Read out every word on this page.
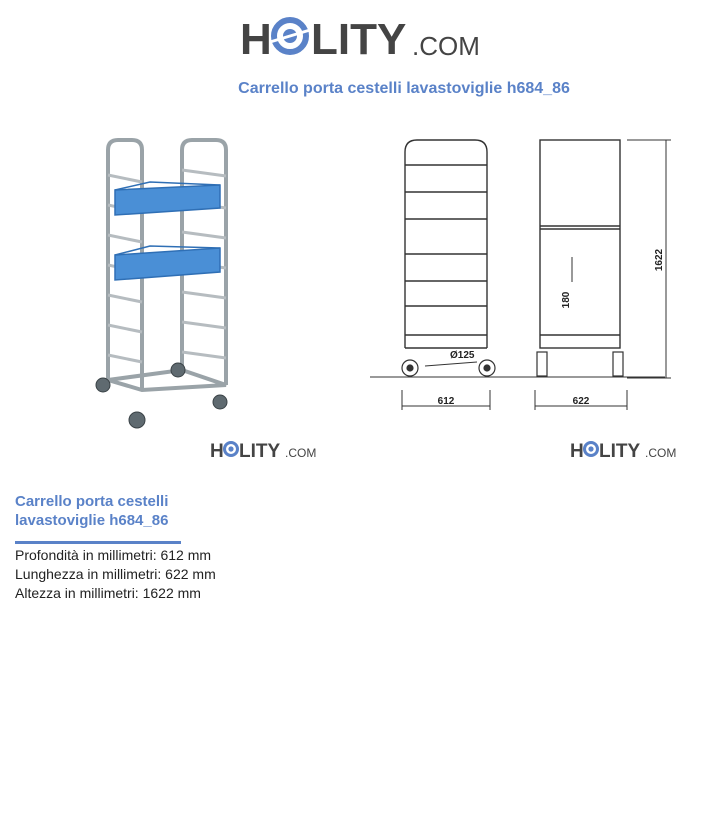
H LITY .COM
Carrello porta cestelli lavastoviglie h684_86
Ø125
612	622
1622
180
H LITY .COM	H LITY .COM
Carrello porta cestelli lavastoviglie h684_86
Profondità in millimetri: 612 mm
Lunghezza in millimetri: 622 mm
Altezza in millimetri: 1622 mm
